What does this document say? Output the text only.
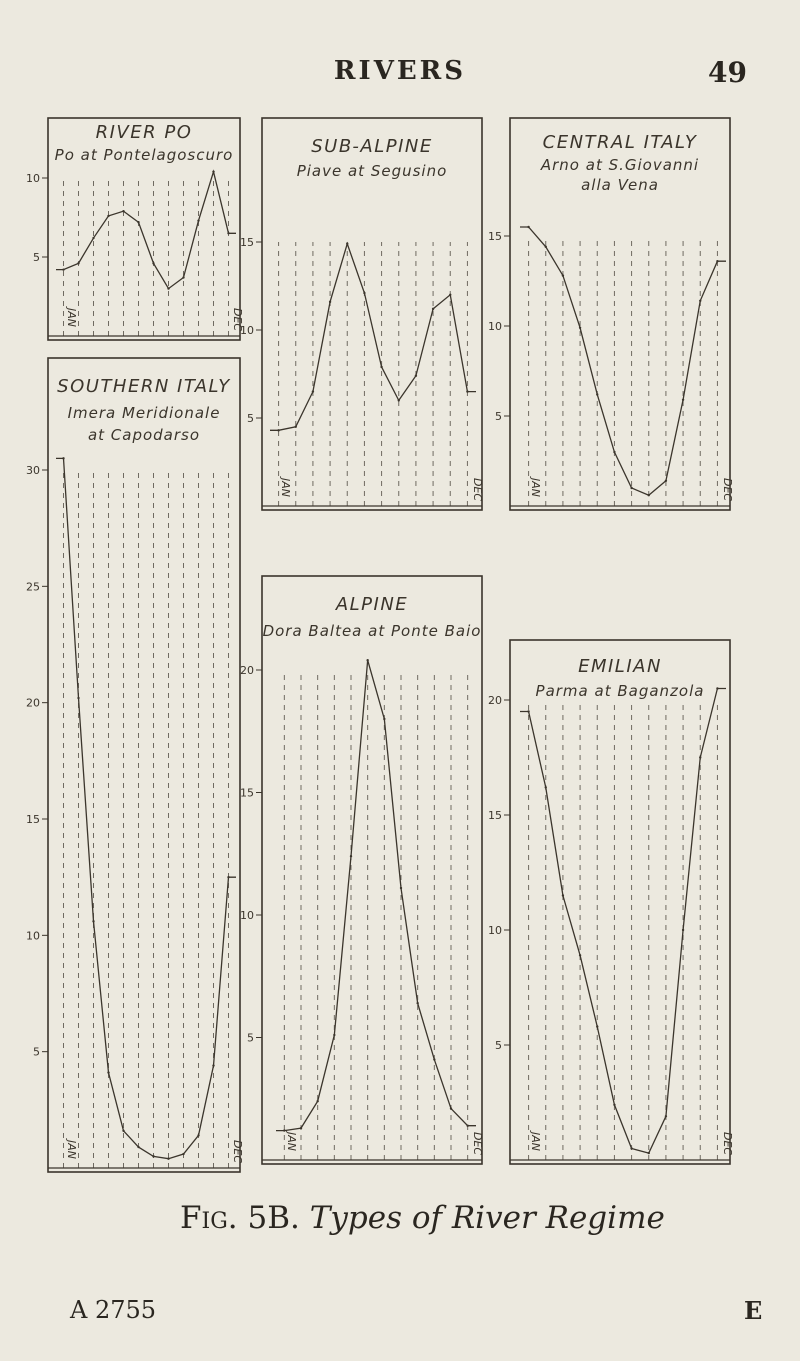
RIVERS	49
RIVER PO
Po at Pontelagoscuro
5
10
JAN	DEC
SUB-ALPINE
Piave at Segusino
5
10
15
JAN	DEC
CENTRAL ITALY
Arno at S.Giovanni
alla Vena
5
10
15
JAN	DEC
SOUTHERN ITALY
Imera Meridionale
at Capodarso
5
10
15
20
25
30
JAN	DEC
ALPINE
Dora Baltea at Ponte Baio
5
10
15
20
JAN	DEC
EMILIAN
Parma at Baganzola
5
10
15
20
JAN	DEC
Fig. 5B. Types of River Regime
A 2755	E
